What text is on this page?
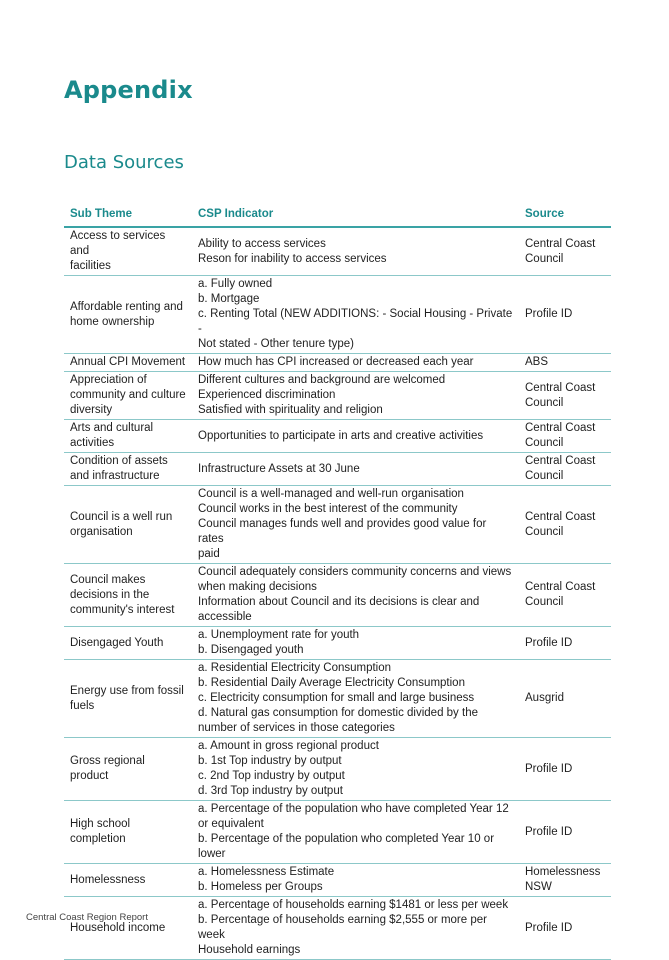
Appendix
Data Sources
Sub Theme	CSP Indicator	Source

Access to services and
facilities	Ability to access services
Reson for inability to access services	Central Coast
Council

Affordable renting and
home ownership	a. Fully owned
b. Mortgage
c. Renting Total (NEW ADDITIONS: - Social Housing - Private -
Not stated - Other tenure type)	Profile ID

Annual CPI Movement	How much has CPI increased or decreased each year	ABS

Appreciation of
community and culture
diversity	Different cultures and background are welcomed
Experienced discrimination
Satisfied with spirituality and religion	Central Coast
Council

Arts and cultural
activities	Opportunities to participate in arts and creative activities	Central Coast
Council

Condition of assets
and infrastructure	Infrastructure Assets at 30 June	Central Coast
Council

Council is a well run
organisation	Council is a well-managed and well-run organisation
Council works in the best interest of the community
Council manages funds well and provides good value for rates
paid	Central Coast
Council

Council makes
decisions in the
community's interest	Council adequately considers community concerns and views
when making decisions
Information about Council and its decisions is clear and
accessible	Central Coast
Council

Disengaged Youth	a. Unemployment rate for youth
b. Disengaged youth	Profile ID

Energy use from fossil
fuels	a. Residential Electricity Consumption
b. Residential Daily Average Electricity Consumption
c. Electricity consumption for small and large business
d. Natural gas consumption for domestic divided by the
number of services in those categories	Ausgrid

Gross regional product	a. Amount in gross regional product
b. 1st Top industry by output
c. 2nd Top industry by output
d. 3rd Top industry by output	Profile ID

High school
completion	a. Percentage of the population who have completed Year 12
or equivalent
b. Percentage of the population who completed Year 10 or
lower	Profile ID

Homelessness	a. Homelessness Estimate
b. Homeless per Groups	Homelessness
NSW

Household income	a. Percentage of households earning $1481 or less per week
b. Percentage of households earning $2,555 or more per week
Household earnings	Profile ID
Central Coast Region Report
